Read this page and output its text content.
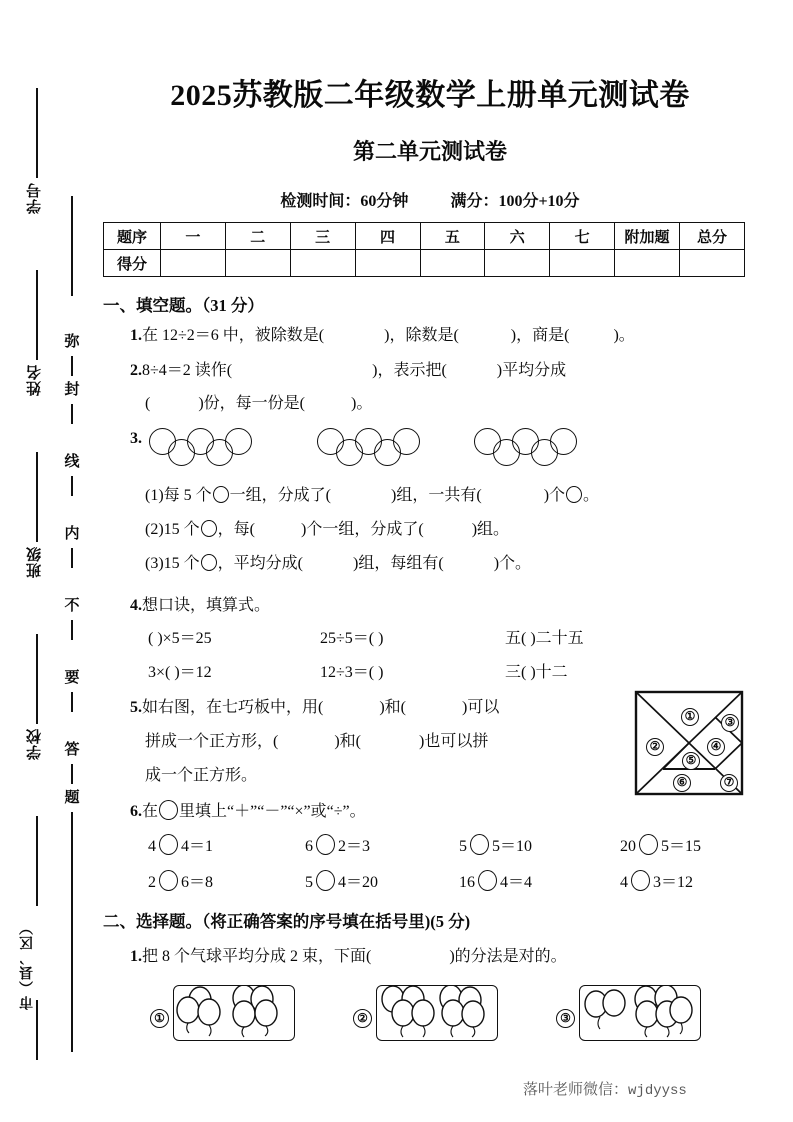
学号
姓名
班级
学校
市（县、区）
弥
封
线
内
不
要
答
题
2025苏教版二年级数学上册单元测试卷
第二单元测试卷
检测时间：60分钟	满分：100分+10分
题序	一	二	三	四	五	六	七	附加题	总分
得分									
一、填空题。（31 分）
1.在 12÷2＝6 中，被除数是(	)，除数是(	)，商是(	)。
2.8÷4＝2 读作(	)，表示把(	)平均分成
(	)份，每一份是(	)。
3.
(1)每 5 个 一组，分成了(	)组，一共有(	)个 。
(2)15 个 ，每(	)个一组，分成了(	)组。
(3)15 个 ，平均分成(	)组，每组有(	)个。
4.想口诀，填算式。
( )×5＝25	25÷5＝( )	五( )二十五
3×( )＝12	12÷3＝( )	三( )十二
5.如右图，在七巧板中，用(	)和(	)可以
拼成一个正方形，(	)和(	)也可以拼
成一个正方形。
①
②
③
④
⑤
⑥	⑦
6.在 里填上“＋”“－”“×”或“÷”。
4 4＝1	6 2＝3	5 5＝10	20 5＝15
2 6＝8	5 4＝20	16 4＝4	4 3＝12
二、选择题。（将正确答案的序号填在括号里)(5 分)
1.把 8 个气球平均分成 2 束，下面(	)的分法是对的。
①	②	③
落叶老师微信：wjdyyss
